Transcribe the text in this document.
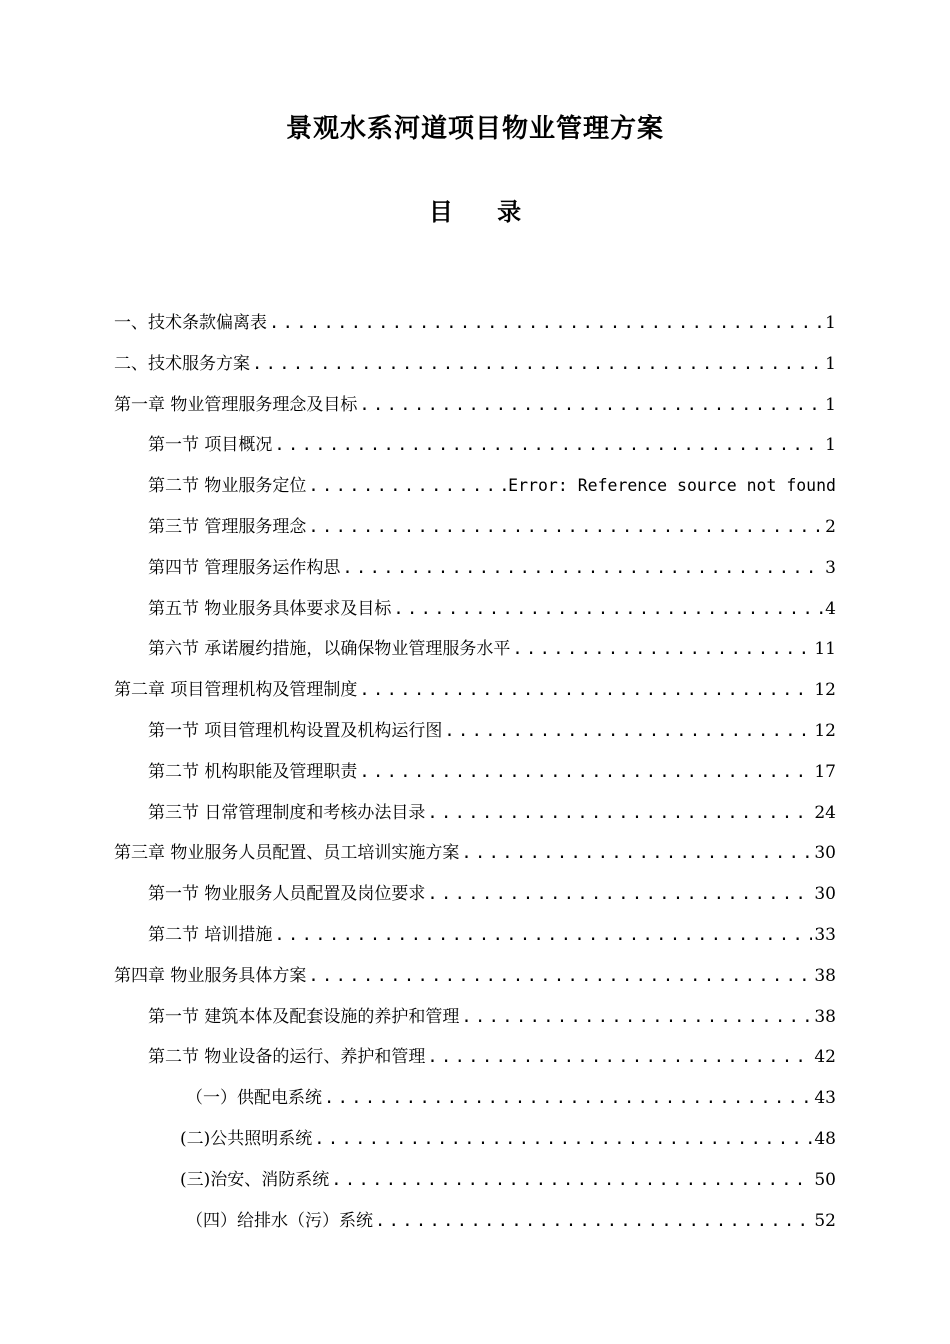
景观水系河道项目物业管理方案
目 录
一、技术条款偏离表 .....	1
二、技术服务方案 .....	1
第一章 物业管理服务理念及目标 .....	1
第一节 项目概况 .....	1
第二节 物业服务定位 .....	Error: Reference source not found
第三节 管理服务理念 .....	2
第四节 管理服务运作构思 .....	3
第五节 物业服务具体要求及目标 .....	4
第六节 承诺履约措施，以确保物业管理服务水平 .....	11
第二章 项目管理机构及管理制度 .....	12
第一节 项目管理机构设置及机构运行图 .....	12
第二节 机构职能及管理职责 .....	17
第三节 日常管理制度和考核办法目录 .....	24
第三章 物业服务人员配置、员工培训实施方案 .....	30
第一节 物业服务人员配置及岗位要求 .....	30
第二节 培训措施 .....	33
第四章 物业服务具体方案 .....	38
第一节 建筑本体及配套设施的养护和管理 .....	38
第二节 物业设备的运行、养护和管理 .....	42
（一）供配电系统 .....	43
(二)公共照明系统 .....	48
(三)治安、消防系统 .....	50
（四）给排水（污）系统 .....	52
